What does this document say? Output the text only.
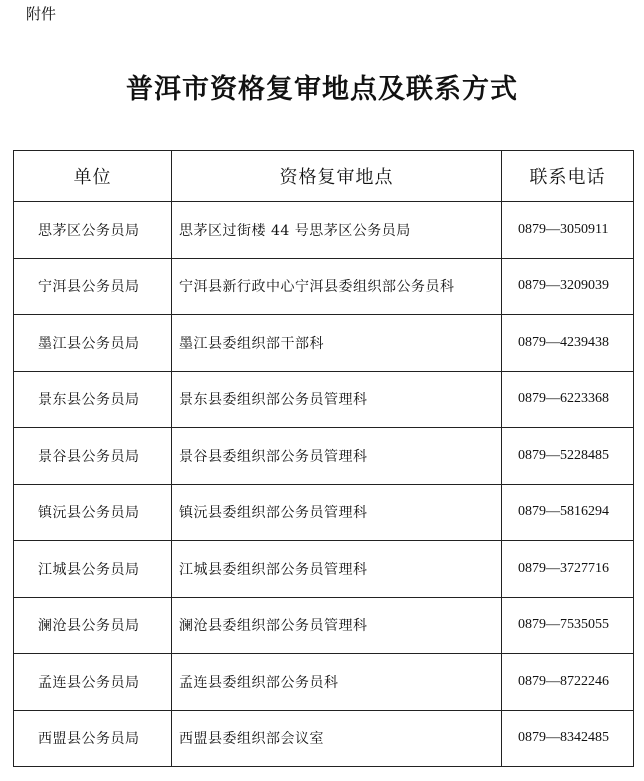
附件
普洱市资格复审地点及联系方式
单位	资格复审地点	联系电话
思茅区公务员局	思茅区过街楼 44 号思茅区公务员局	0879—3050911
宁洱县公务员局	宁洱县新行政中心宁洱县委组织部公务员科	0879—3209039
墨江县公务员局	墨江县委组织部干部科	0879—4239438
景东县公务员局	景东县委组织部公务员管理科	0879—6223368
景谷县公务员局	景谷县委组织部公务员管理科	0879—5228485
镇沅县公务员局	镇沅县委组织部公务员管理科	0879—5816294
江城县公务员局	江城县委组织部公务员管理科	0879—3727716
澜沧县公务员局	澜沧县委组织部公务员管理科	0879—7535055
孟连县公务员局	孟连县委组织部公务员科	0879—8722246
西盟县公务员局	西盟县委组织部会议室	0879—8342485
